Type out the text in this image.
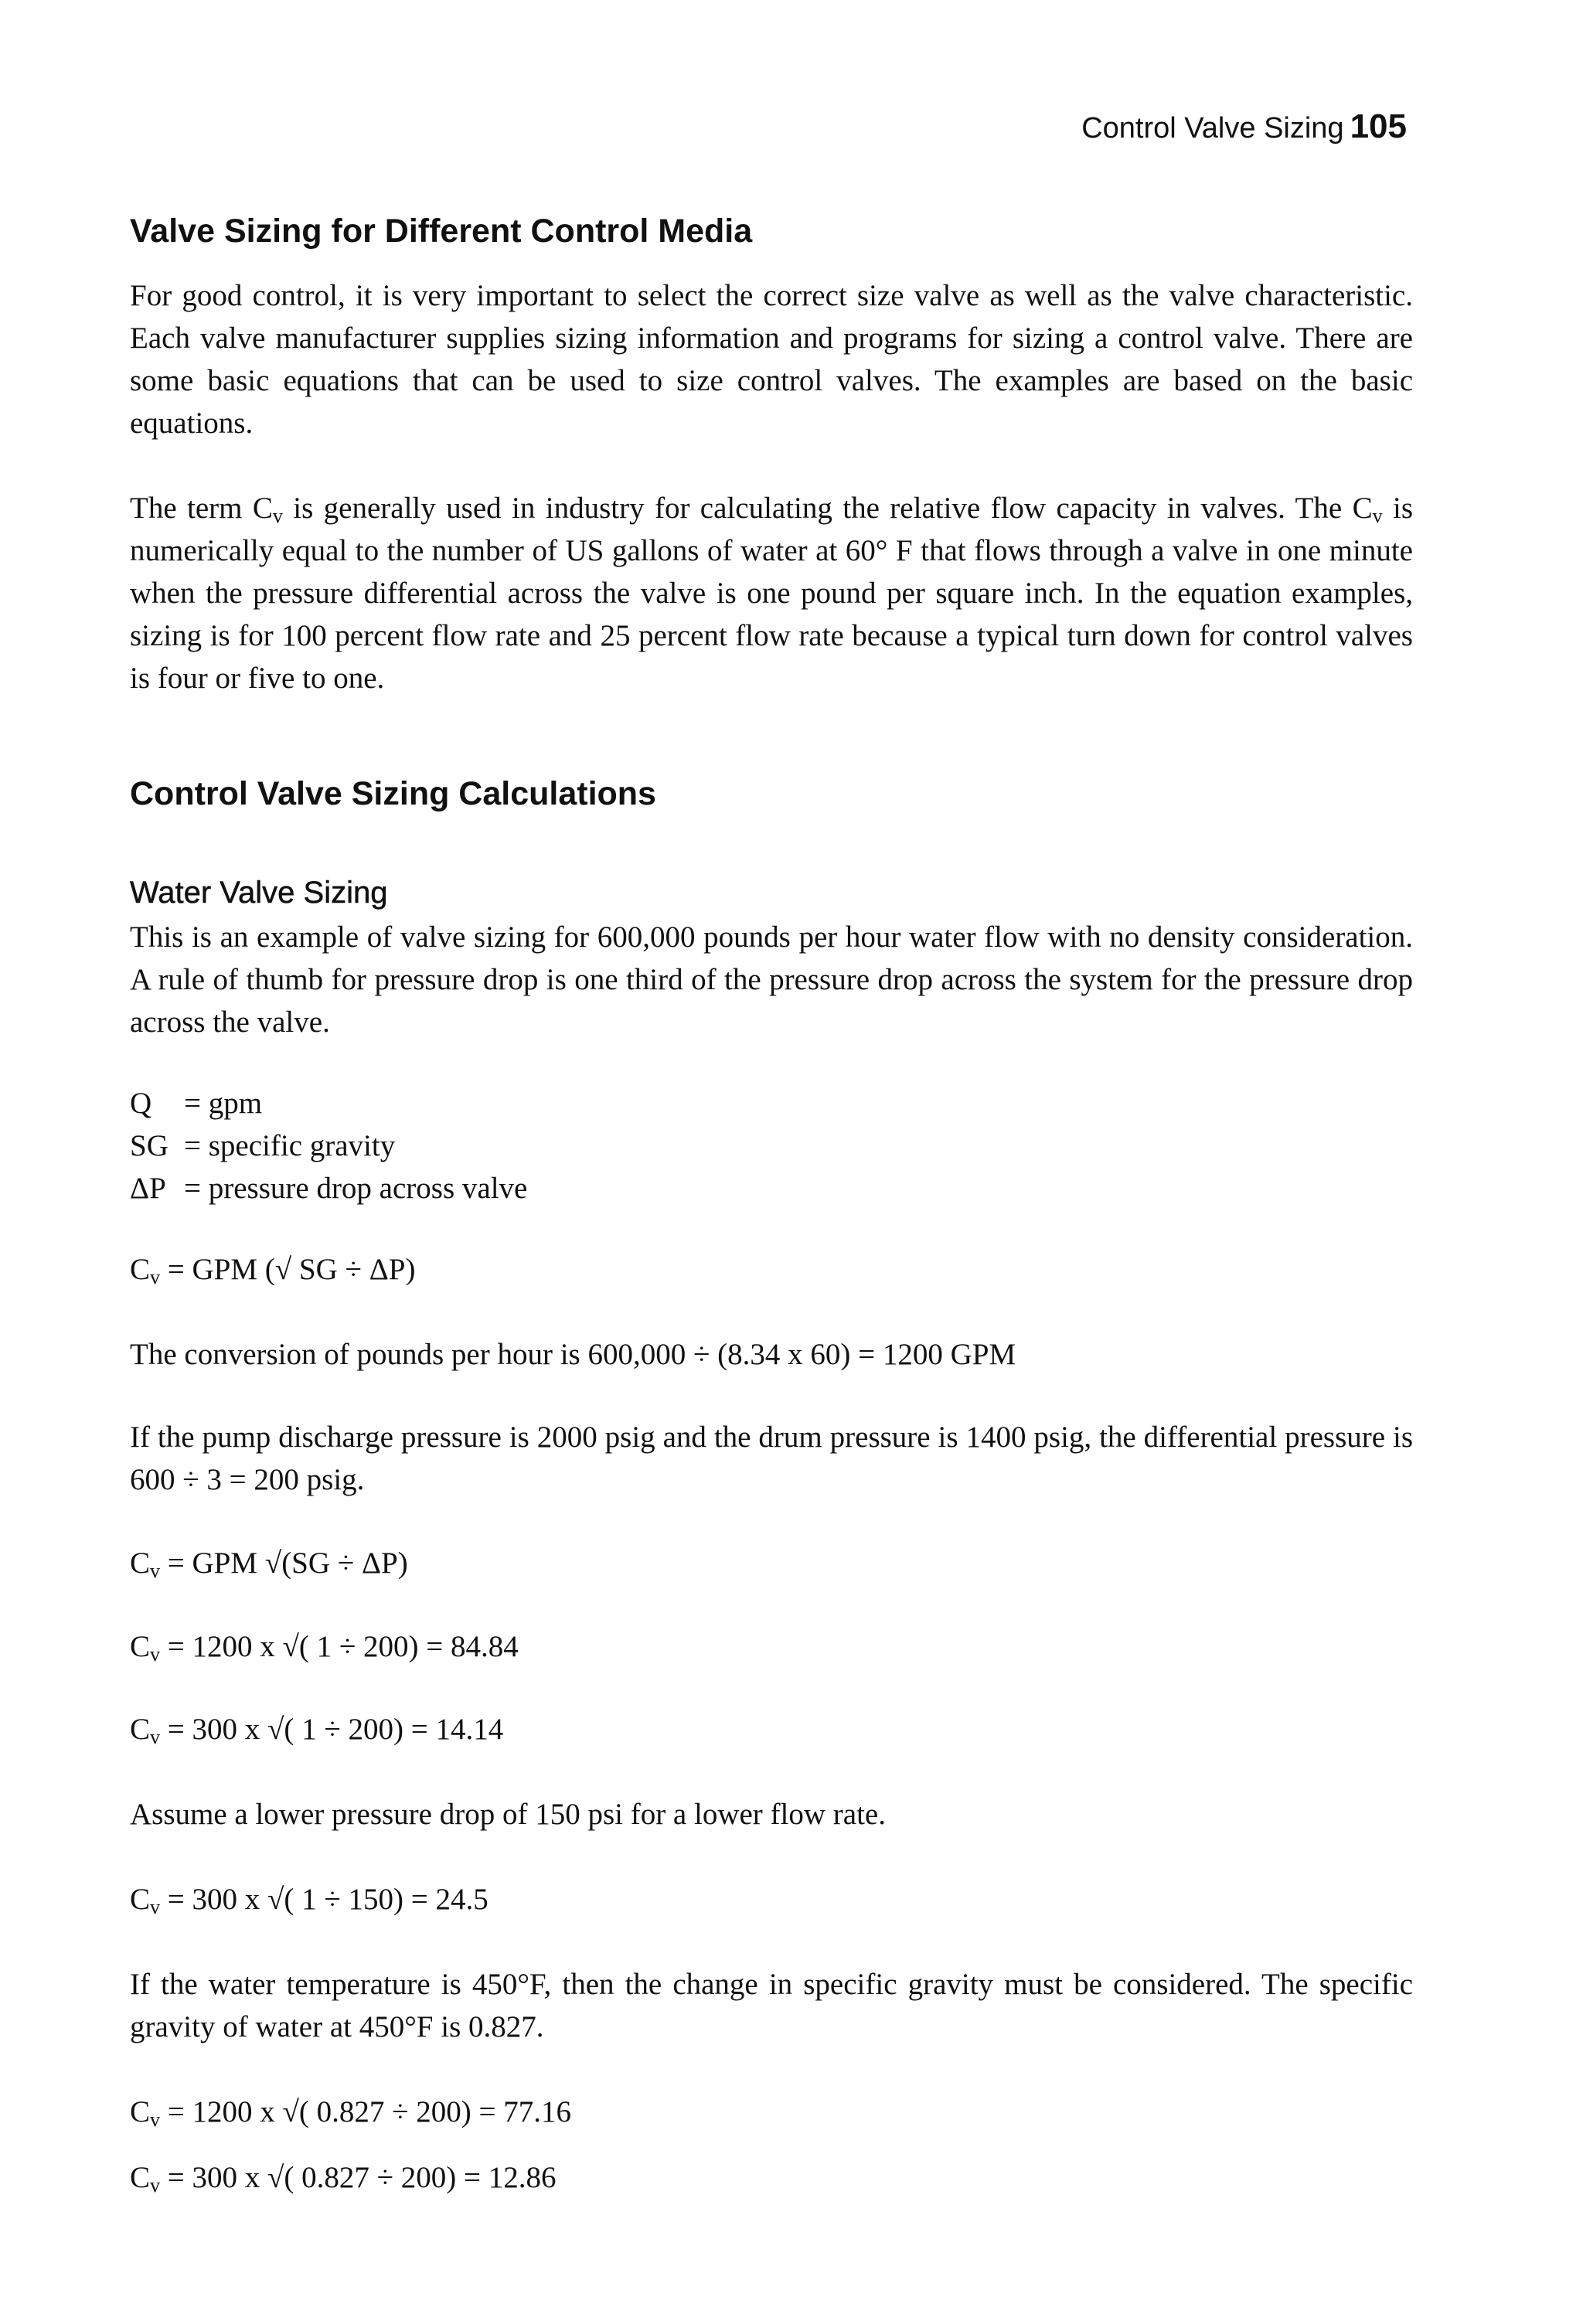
Control Valve Sizing 105
Valve Sizing for Different Control Media
For good control, it is very important to select the correct size valve as well as the valve characteristic. Each valve manufacturer supplies sizing information and programs for sizing a control valve. There are some basic equations that can be used to size control valves. The examples are based on the basic equations.
The term $C_v$ is generally used in industry for calculating the relative flow capacity in valves. The $C_v$ is numerically equal to the number of US gallons of water at 60° F that flows through a valve in one minute when the pressure differential across the valve is one pound per square inch. In the equation examples, sizing is for 100 percent flow rate and 25 percent flow rate because a typical turn down for control valves is four or five to one.
Control Valve Sizing Calculations
Water Valve Sizing
This is an example of valve sizing for 600,000 pounds per hour water flow with no density consideration. A rule of thumb for pressure drop is one third of the pressure drop across the system for the pressure drop across the valve.
Q = gpm
SG = specific gravity
ΔP = pressure drop across valve
$C_v$ = GPM (√ SG ÷ ΔP)
The conversion of pounds per hour is 600,000 ÷ (8.34 x 60) = 1200 GPM
If the pump discharge pressure is 2000 psig and the drum pressure is 1400 psig, the differential pressure is 600 ÷ 3 = 200 psig.
$C_v$ = GPM √(SG ÷ ΔP)
$C_v = 1200$ x √( 1 ÷ 200) = 84.84
$C_v = 300$ x √( 1 ÷ 200) = 14.14
Assume a lower pressure drop of 150 psi for a lower flow rate.
$C_v = 300$ x √( 1 ÷ 150) = 24.5
If the water temperature is 450°F, then the change in specific gravity must be considered. The specific gravity of water at 450°F is 0.827.
$C_v = 1200$ x √( 0.827 ÷ 200) = 77.16
$C_v = 300$ x √( 0.827 ÷ 200) = 12.86
